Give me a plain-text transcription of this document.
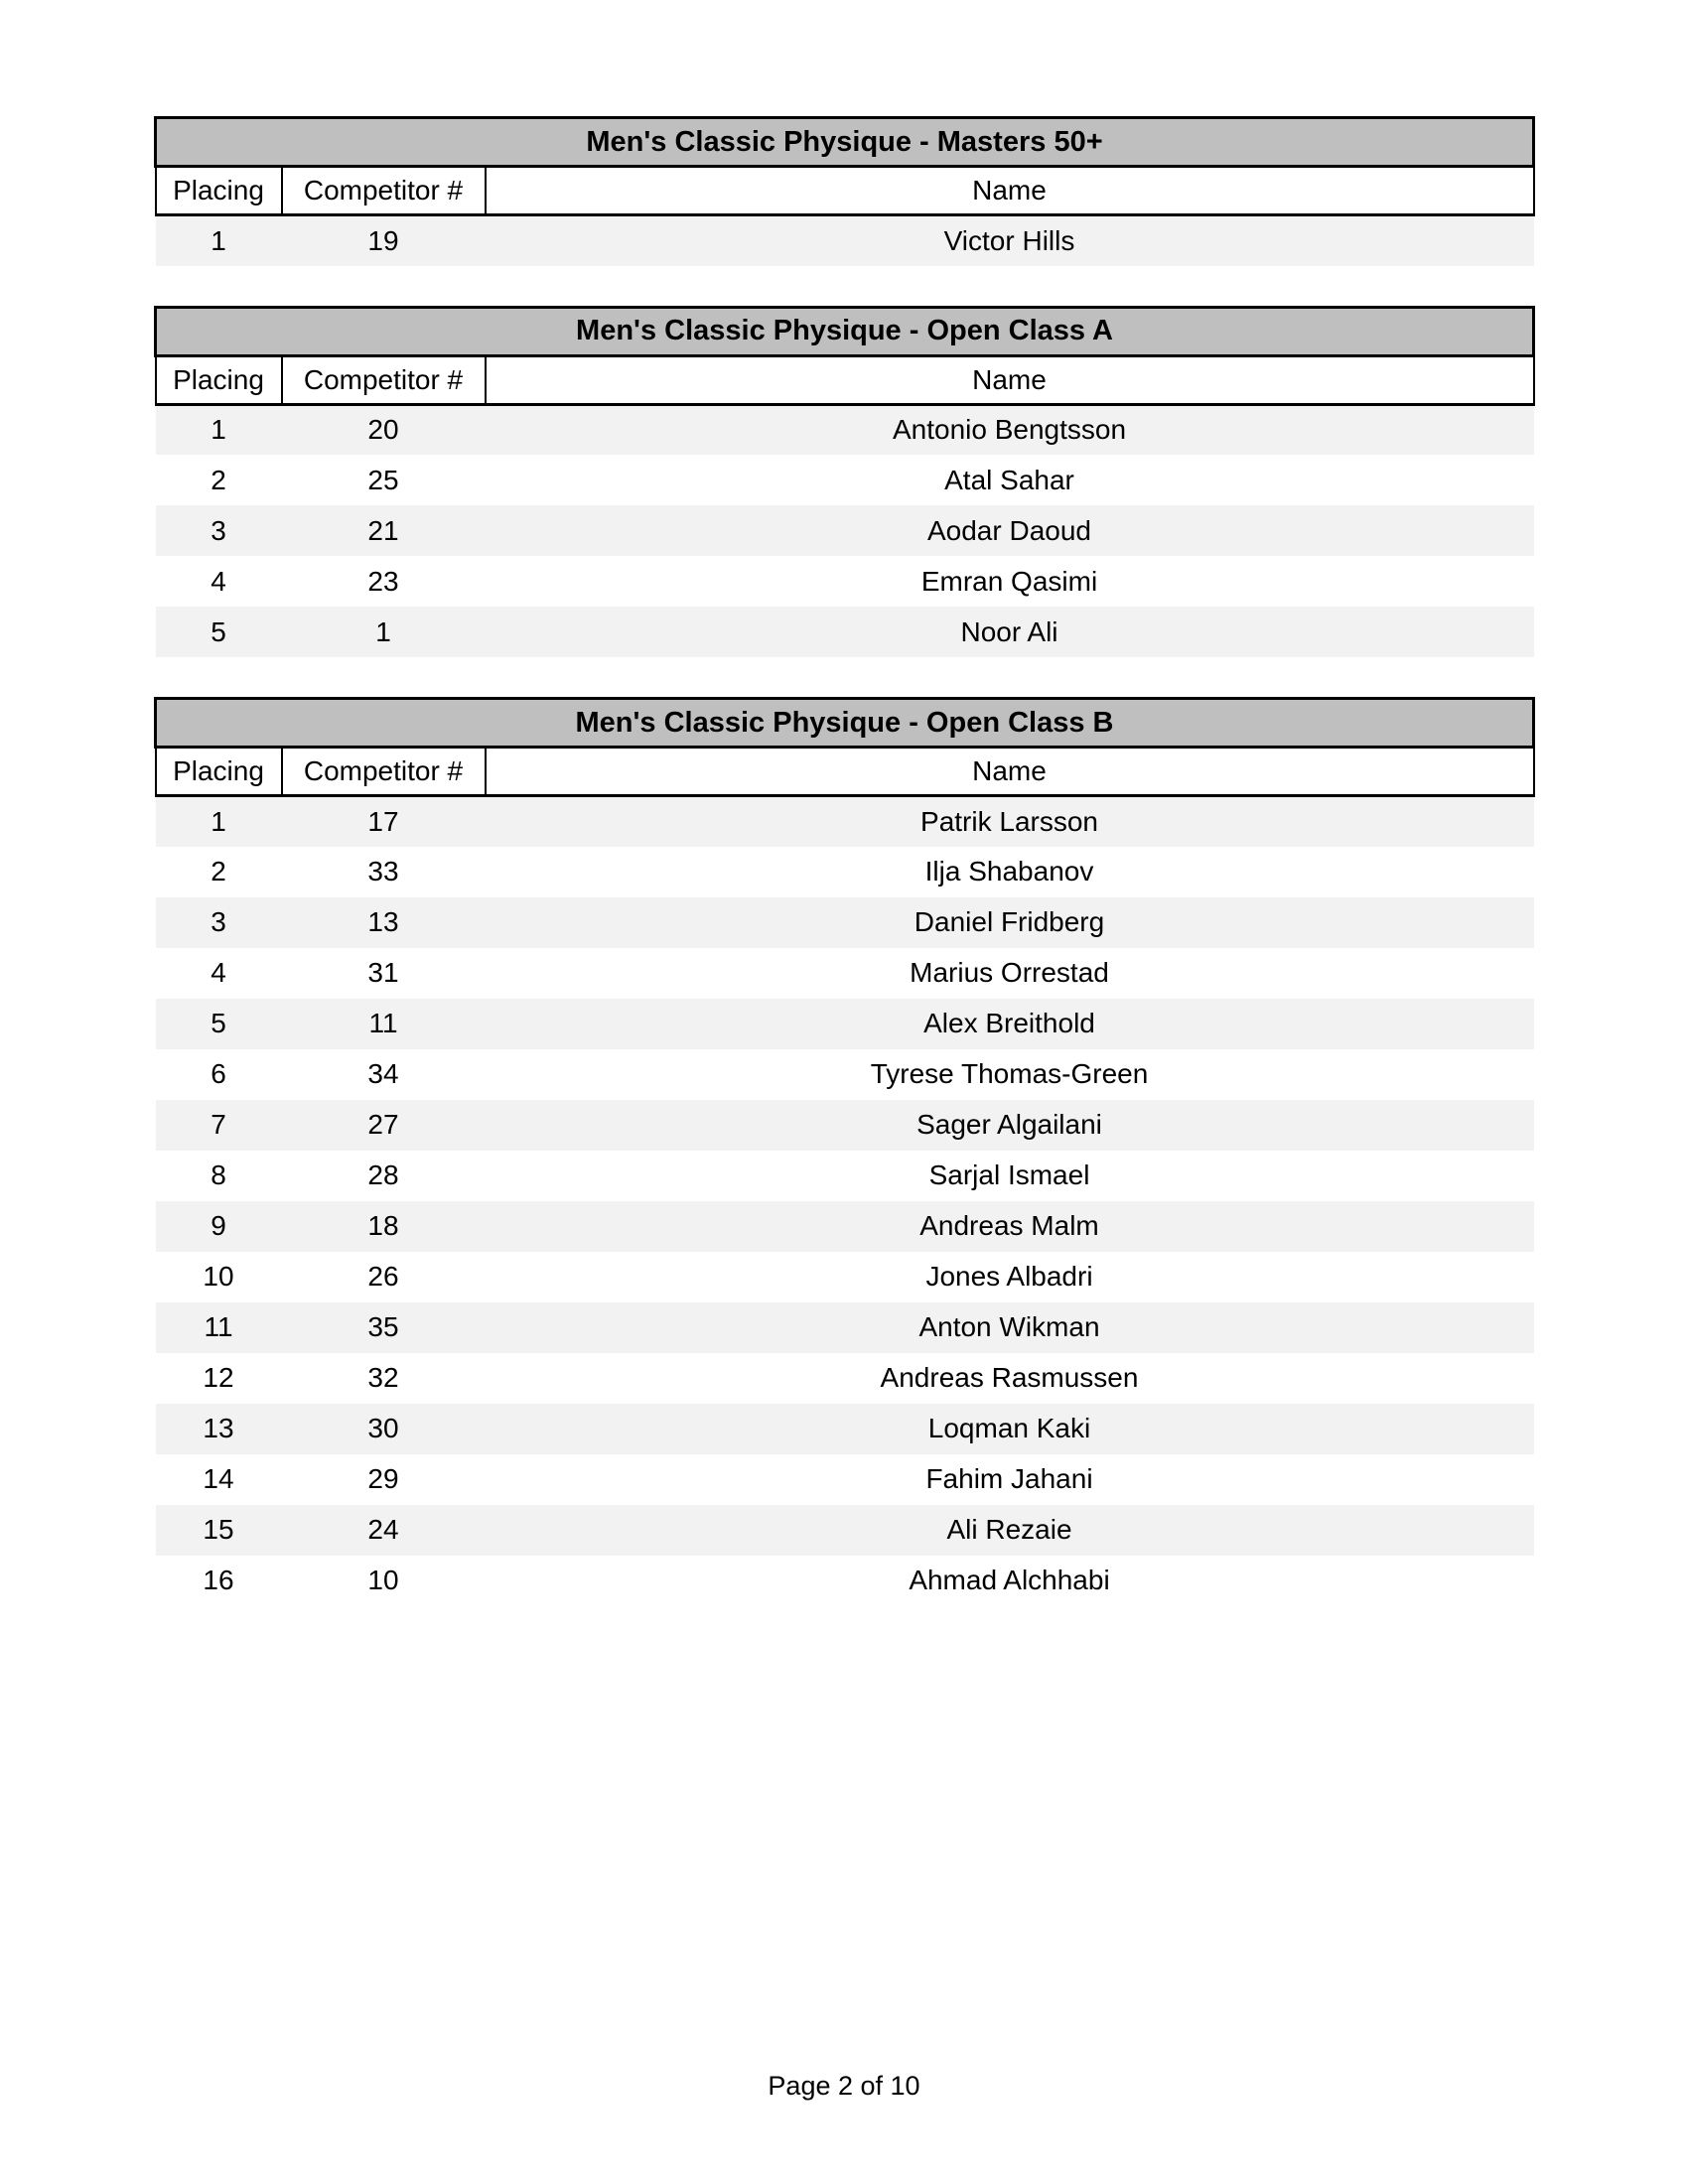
Men's Classic Physique - Masters 50+		
Placing	Competitor #	Name
1	19	Victor Hills
Men's Classic Physique - Open Class A		
Placing	Competitor #	Name
1	20	Antonio Bengtsson
2	25	Atal Sahar
3	21	Aodar Daoud
4	23	Emran Qasimi
5	1	Noor Ali
Men's Classic Physique - Open Class B		
Placing	Competitor #	Name
1	17	Patrik Larsson
2	33	Ilja Shabanov
3	13	Daniel Fridberg
4	31	Marius Orrestad
5	11	Alex Breithold
6	34	Tyrese Thomas-Green
7	27	Sager Algailani
8	28	Sarjal Ismael
9	18	Andreas Malm
10	26	Jones Albadri
11	35	Anton Wikman
12	32	Andreas Rasmussen
13	30	Loqman Kaki
14	29	Fahim Jahani
15	24	Ali Rezaie
16	10	Ahmad Alchhabi
Page 2 of 10
